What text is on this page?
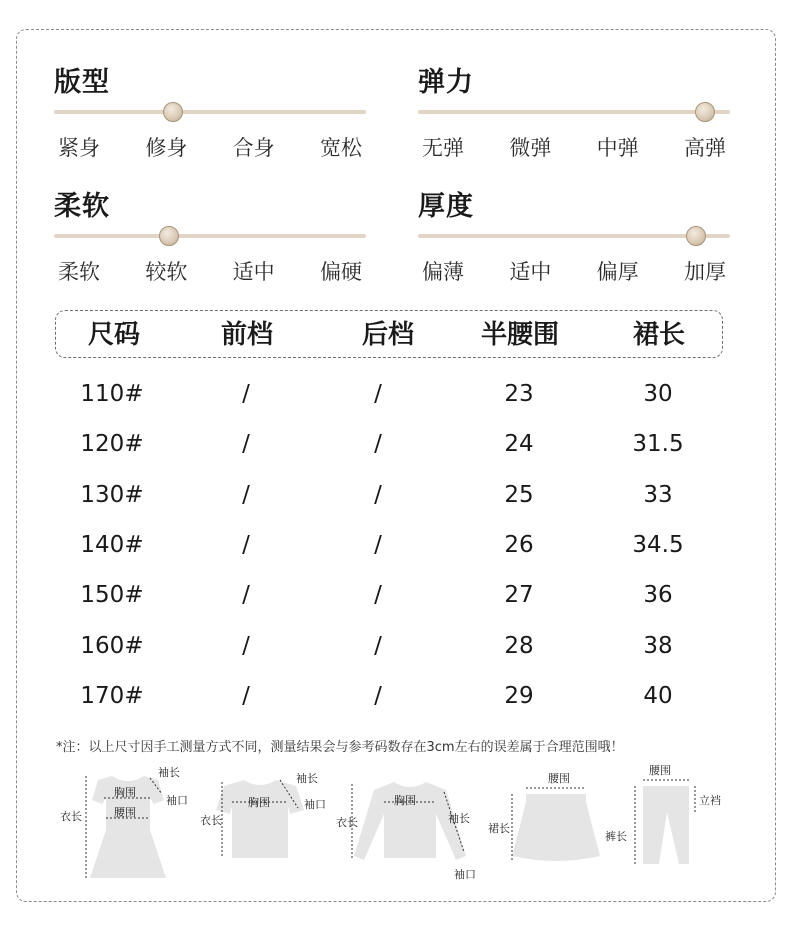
版型
紧身 修身 合身 宽松
弹力
无弹 微弹 中弹 高弹
柔软
柔软 较软 适中 偏硬
厚度
偏薄 适中 偏厚 加厚
尺码	前档	后档	半腰围	裙长
110#	/	/	23	30
120#	/	/	24	31.5
130#	/	/	25	33
140#	/	/	26	34.5
150#	/	/	27	36
160#	/	/	28	38
170#	/	/	29	40
*注：以上尺寸因手工测量方式不同，测量结果会与参考码数存在3cm左右的误差属于合理范围哦！
胸围
腰围
衣长
袖长
袖口	胸围
衣长
袖长
袖口	胸围
衣长	袖长
袖口
腰围
裙长
腰围
裤长
立裆
